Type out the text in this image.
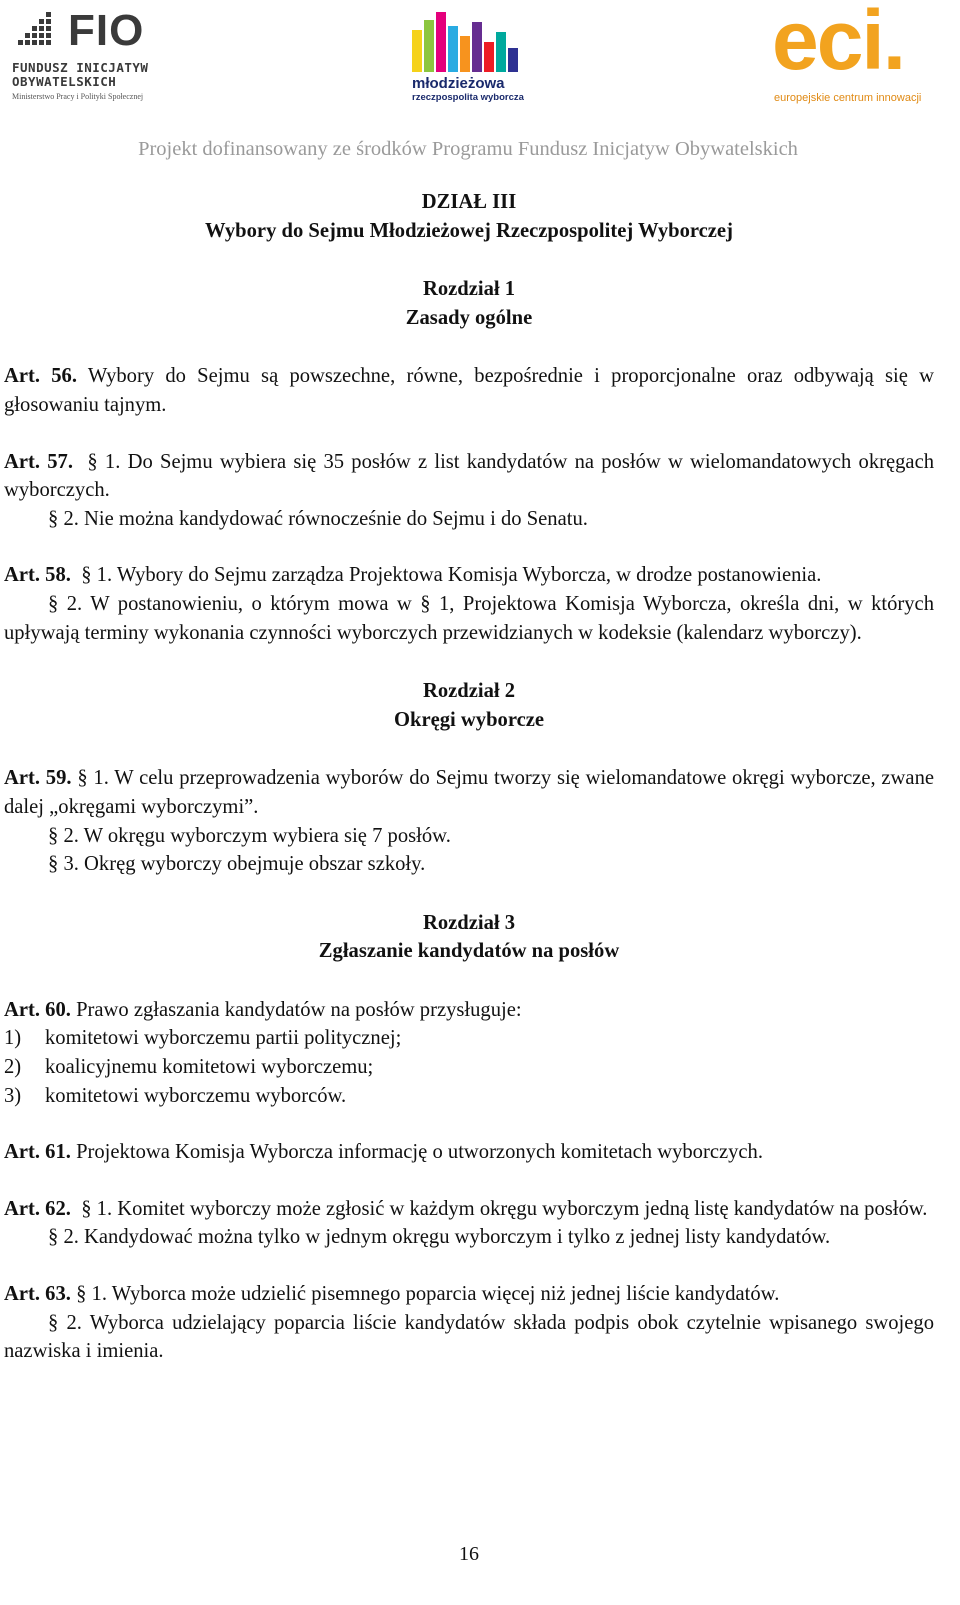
FIO
FUNDUSZ INICJATYW
OBYWATELSKICH
Ministerstwo Pracy i Polityki Społecznej
młodzieżowa
rzeczpospolita wyborcza
eci.
europejskie centrum innowacji
Projekt dofinansowany ze środków Programu Fundusz Inicjatyw Obywatelskich

DZIAŁ III

Wybory do Sejmu Młodzieżowej Rzeczpospolitej Wyborczej

Rozdział 1

Zasady ogólne

Art. 56. Wybory do Sejmu są powszechne, równe, bezpośrednie i proporcjonalne oraz odbywają się w głosowaniu tajnym.

Art. 57. § 1. Do Sejmu wybiera się 35 posłów z list kandydatów na posłów w wielomandatowych okręgach wyborczych.

§ 2. Nie można kandydować równocześnie do Sejmu i do Senatu.

Art. 58. § 1. Wybory do Sejmu zarządza Projektowa Komisja Wyborcza, w drodze postanowienia.

§ 2. W postanowieniu, o którym mowa w § 1, Projektowa Komisja Wyborcza, określa dni, w których upływają terminy wykonania czynności wyborczych przewidzianych w kodeksie (kalendarz wyborczy).

Rozdział 2

Okręgi wyborcze

Art. 59. § 1. W celu przeprowadzenia wyborów do Sejmu tworzy się wielomandatowe okręgi wyborcze, zwane dalej „okręgami wyborczymi”.

§ 2. W okręgu wyborczym wybiera się 7 posłów.

§ 3. Okręg wyborczy obejmuje obszar szkoły.

Rozdział 3

Zgłaszanie kandydatów na posłów

Art. 60. Prawo zgłaszania kandydatów na posłów przysługuje:

1)	komitetowi wyborczemu partii politycznej;
2)	koalicyjnemu komitetowi wyborczemu;
3)	komitetowi wyborczemu wyborców.

Art. 61. Projektowa Komisja Wyborcza informację o utworzonych komitetach wyborczych.

Art. 62. § 1. Komitet wyborczy może zgłosić w każdym okręgu wyborczym jedną listę kandydatów na posłów.

§ 2. Kandydować można tylko w jednym okręgu wyborczym i tylko z jednej listy kandydatów.

Art. 63. § 1. Wyborca może udzielić pisemnego poparcia więcej niż jednej liście kandydatów.

§ 2. Wyborca udzielający poparcia liście kandydatów składa podpis obok czytelnie wpisanego swojego nazwiska i imienia.

16
